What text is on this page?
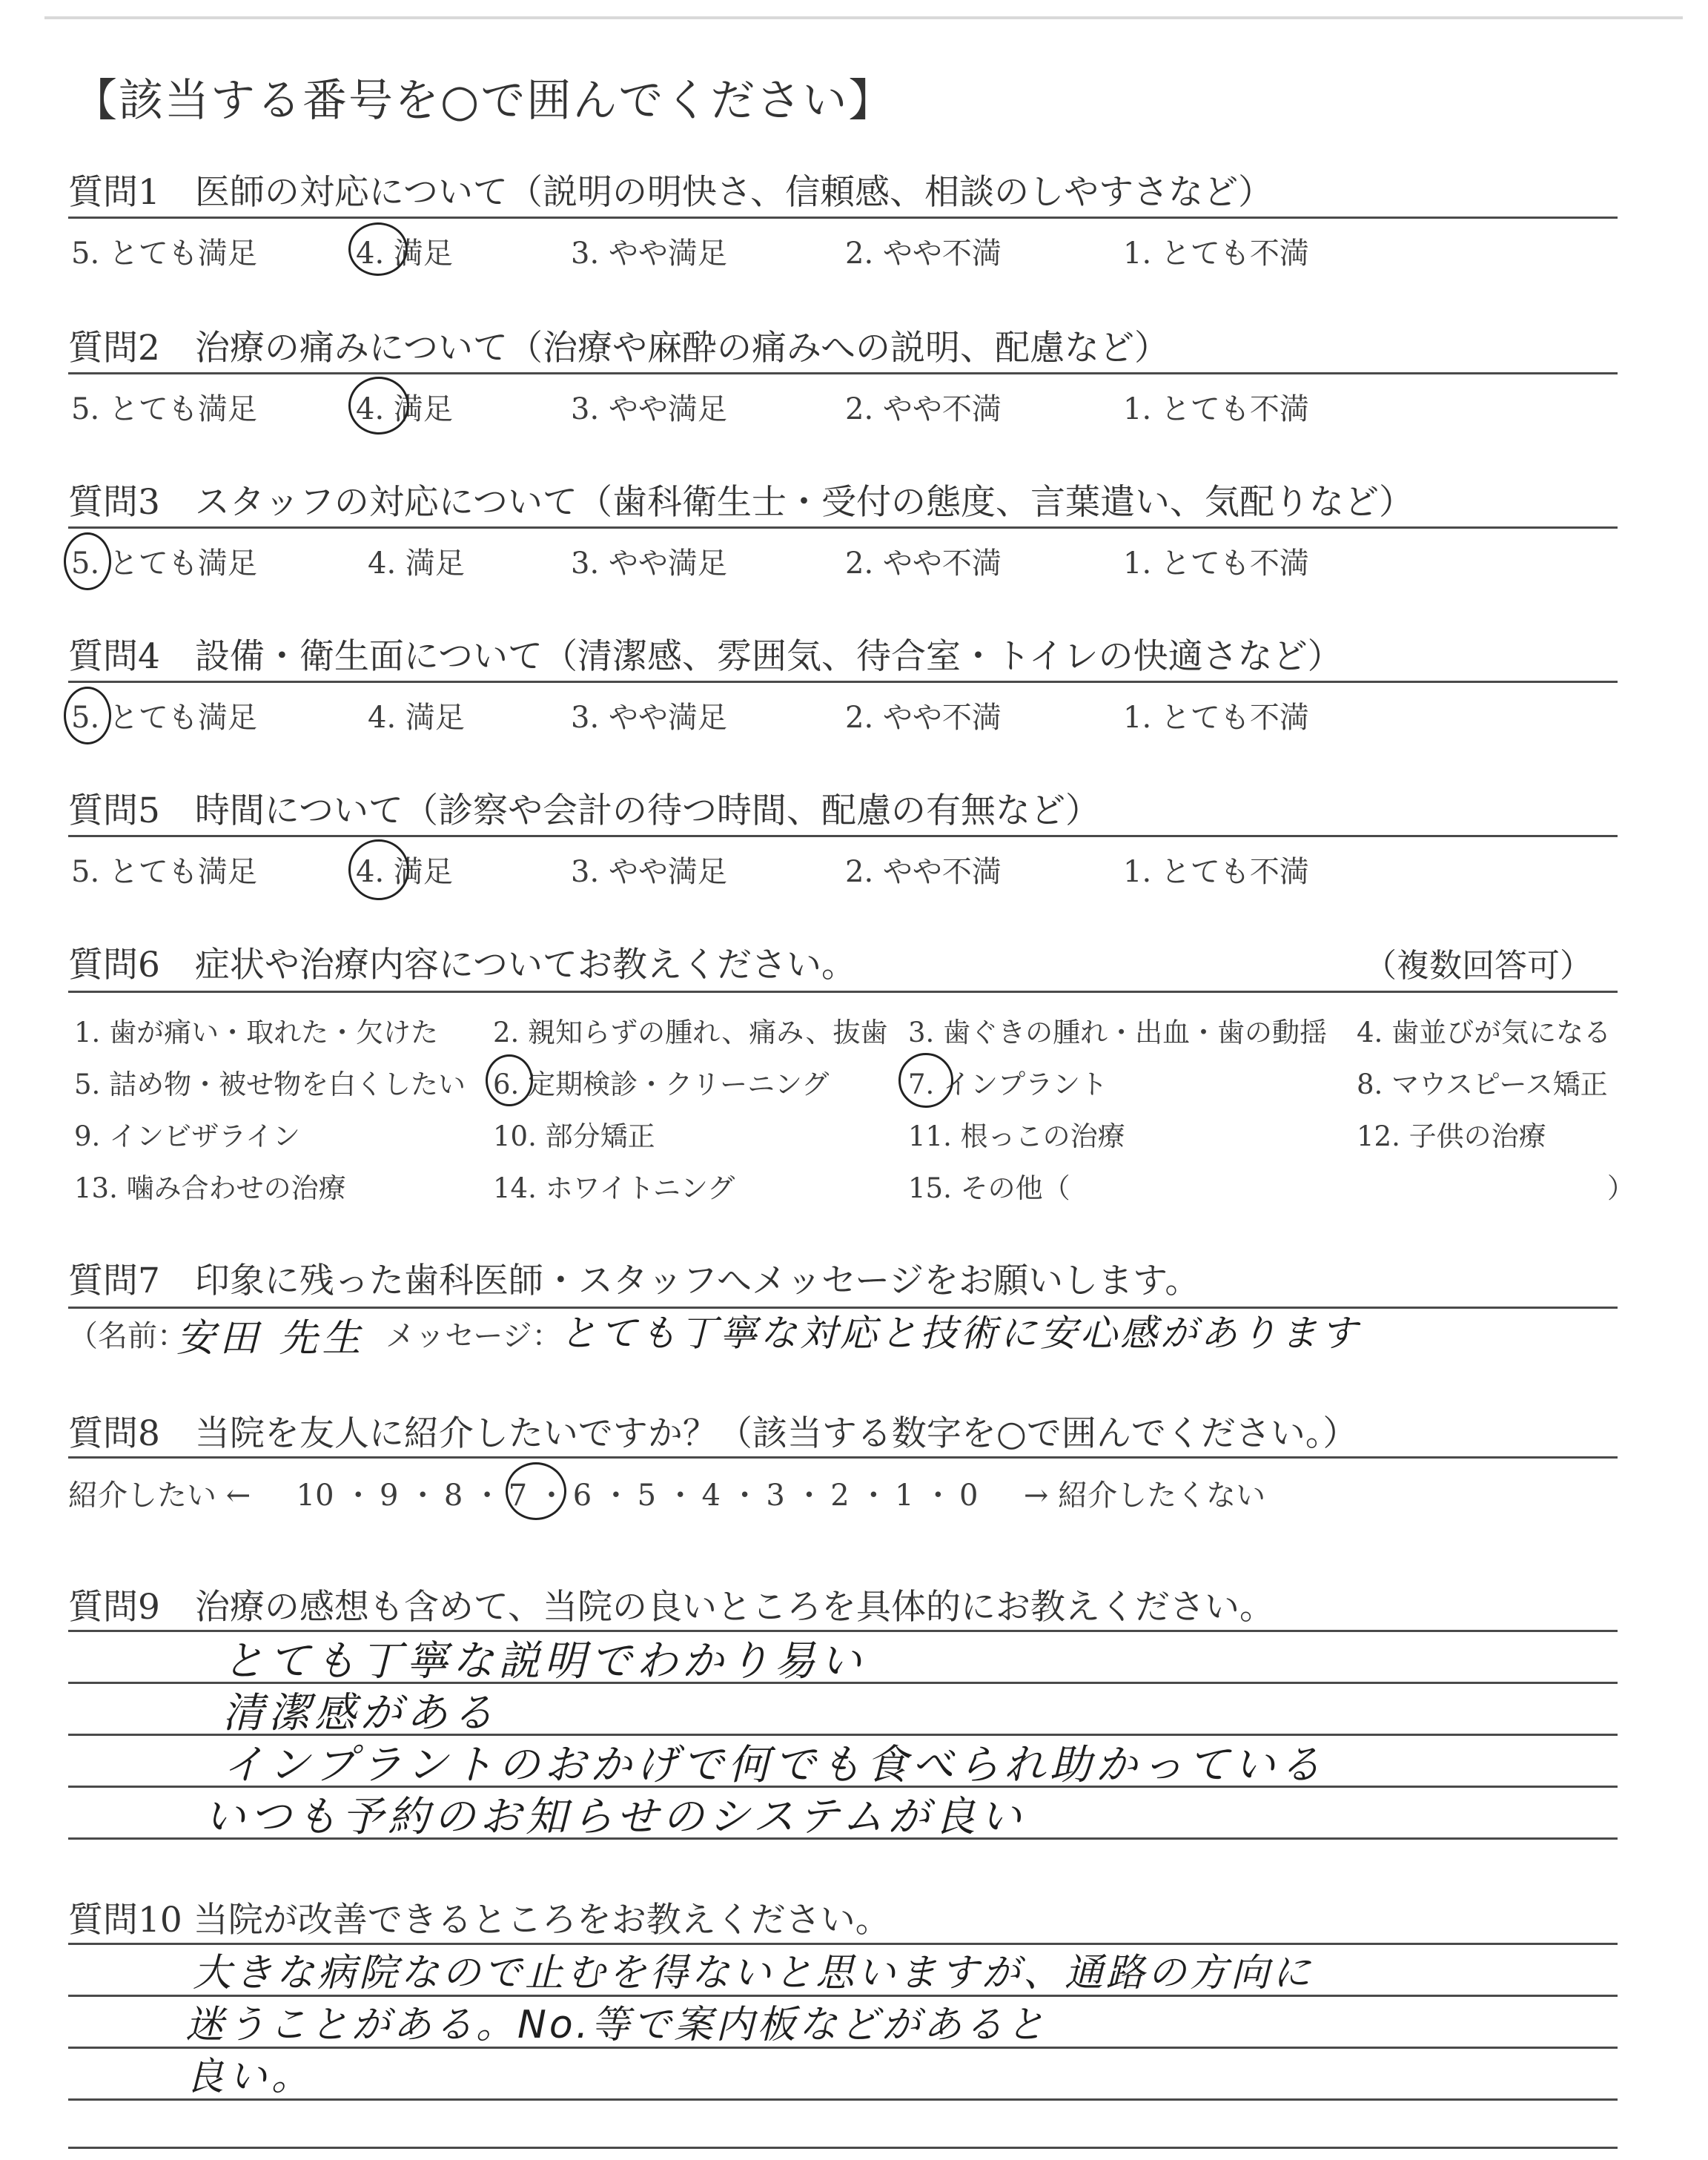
【該当する番号を○で囲んでください】
質問1　医師の対応について（説明の明快さ、信頼感、相談のしやすさなど）
5. とても満足	4. 満足	3. やや満足	2. やや不満	1. とても不満
質問2　治療の痛みについて（治療や麻酔の痛みへの説明、配慮など）
5. とても満足	4. 満足	3. やや満足	2. やや不満	1. とても不満
質問3　スタッフの対応について（歯科衛生士・受付の態度、言葉遣い、気配りなど）
5. とても満足	4. 満足	3. やや満足	2. やや不満	1. とても不満
質問4　設備・衛生面について（清潔感、雰囲気、待合室・トイレの快適さなど）
5. とても満足	4. 満足	3. やや満足	2. やや不満	1. とても不満
質問5　時間について（診察や会計の待つ時間、配慮の有無など）
5. とても満足	4. 満足	3. やや満足	2. やや不満	1. とても不満
質問6　症状や治療内容についてお教えください。	（複数回答可）
1. 歯が痛い・取れた・欠けた 2. 親知らずの腫れ、痛み、抜歯 3. 歯ぐきの腫れ・出血・歯の動揺 4. 歯並びが気になる
5. 詰め物・被せ物を白くしたい 6. 定期検診・クリーニング	7. インプラント	8. マウスピース矯正
9. インビザライン	10. 部分矯正	11. 根っこの治療	12. 子供の治療
13. 噛み合わせの治療	14. ホワイトニング	15. その他（	）
質問7　印象に残った歯科医師・スタッフへメッセージをお願いします。
（名前：
安田 先生 メッセージ：
とても丁寧な対応と技術に安心感があります
質問8　当院を友人に紹介したいですか？（該当する数字を○で囲んでください。）
紹介したい ← 10 ・ 9 ・ 8 ・ 7 ・ 6 ・ 5 ・ 4 ・ 3 ・ 2 ・ 1 ・ 0 → 紹介したくない
質問9　治療の感想も含めて、当院の良いところを具体的にお教えください。
とても丁寧な説明でわかり易い
清潔感がある
インプラントのおかげで何でも食べられ助かっている
いつも予約のお知らせのシステムが良い
質問10 当院が改善できるところをお教えください。
大きな病院なので止むを得ないと思いますが、通路の方向に
迷うことがある。No.等で案内板などがあると
良い。
